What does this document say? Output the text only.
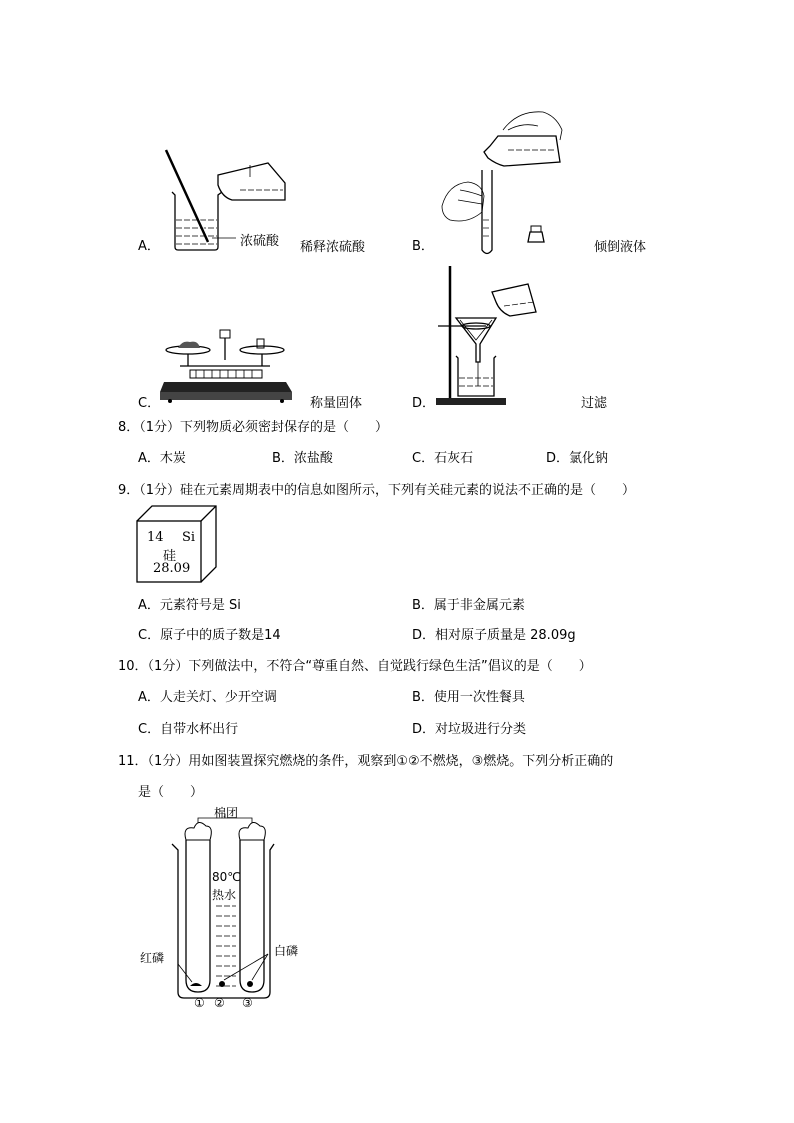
A．	浓硫酸 稀释浓硫酸	B．	倾倒液体
C．	称量固体	D．	过滤
8．（1分）下列物质必须密封保存的是（　　）
A．木炭	B．浓盐酸	C．石灰石	D．氯化钠
9．（1分）硅在元素周期表中的信息如图所示，下列有关硅元素的说法不正确的是（　　）
14 Si
硅
28.09
A．元素符号是 Si	B．属于非金属元素
C．原子中的质子数是14	D．相对原子质量是 28.09g
10．（1分）下列做法中，不符合“尊重自然、自觉践行绿色生活”倡议的是（　　）
A．人走关灯、少开空调	B．使用一次性餐具
C．自带水杯出行	D．对垃圾进行分类
11．（1分）用如图装置探究燃烧的条件，观察到①②不燃烧，③燃烧。下列分析正确的
是（　　）
棉团
80℃
热水
红磷	白磷
① ② ③
